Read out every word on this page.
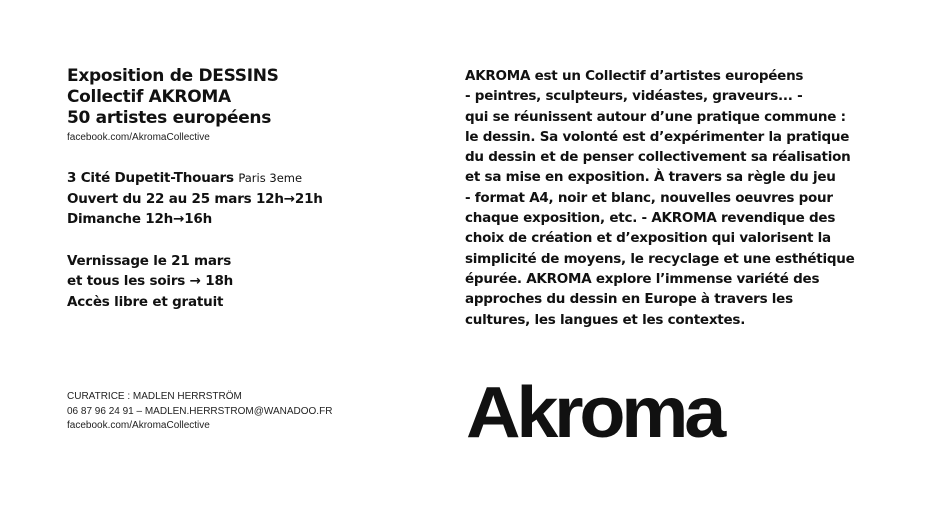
Exposition de DESSINS
Collectif AKROMA
50 artistes européens
facebook.com/AkromaCollective
3 Cité Dupetit-Thouars Paris 3eme
Ouvert du 22 au 25 mars 12h→21h
Dimanche 12h→16h
Vernissage le 21 mars
et tous les soirs → 18h
Accès libre et gratuit
CURATRICE : MADLEN HERRSTRÖM
06 87 96 24 91 – MADLEN.HERRSTROM@WANADOO.FR
facebook.com/AkromaCollective
AKROMA est un Collectif d’artistes européens
- peintres, sculpteurs, vidéastes, graveurs... -
qui se réunissent autour d’une pratique commune :
le dessin. Sa volonté est d’expérimenter la pratique
du dessin et de penser collectivement sa réalisation
et sa mise en exposition. À travers sa règle du jeu
- format A4, noir et blanc, nouvelles oeuvres pour
chaque exposition, etc. - AKROMA revendique des
choix de création et d’exposition qui valorisent la
simplicité de moyens, le recyclage et une esthétique
épurée. AKROMA explore l’immense variété des
approches du dessin en Europe à travers les
cultures, les langues et les contextes.
Akroma
